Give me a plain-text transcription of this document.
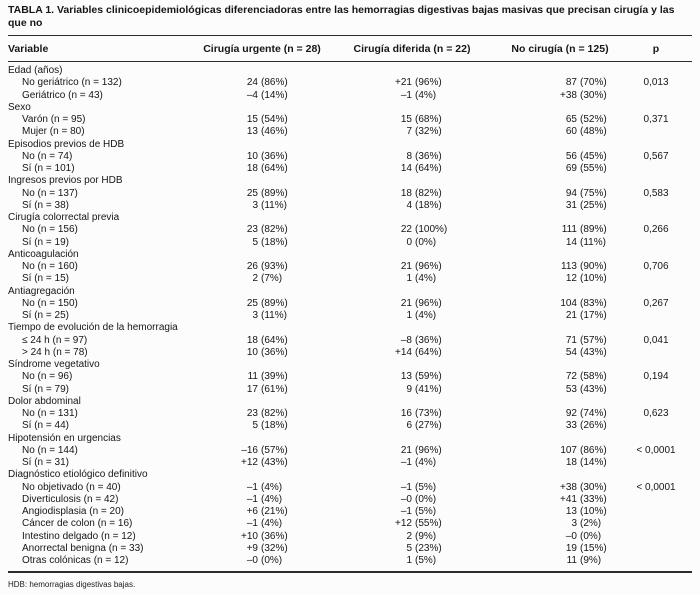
TABLA 1. Variables clinicoepidemiológicas diferenciadoras entre las hemorragias digestivas bajas masivas que precisan cirugía y las que no
Variable	Cirugía urgente (n = 28)	Cirugía diferida (n = 22)	No cirugía (n = 125)	p
Edad (años)				
No geriátrico (n = 132)	24 (86%)	+21 (96%)	87 (70%)	0,013
Geriátrico (n = 43)	–4 (14%)	–1 (4%)	+38 (30%)	

Sexo				
Varón (n = 95)	15 (54%)	15 (68%)	65 (52%)	0,371
Mujer (n = 80)	13 (46%)	7 (32%)	60 (48%)	

Episodios previos de HDB				
No (n = 74)	10 (36%)	8 (36%)	56 (45%)	0,567
Sí (n = 101)	18 (64%)	14 (64%)	69 (55%)	

Ingresos previos por HDB				
No (n = 137)	25 (89%)	18 (82%)	94 (75%)	0,583
Sí (n = 38)	3 (11%)	4 (18%)	31 (25%)	

Cirugía colorrectal previa				
No (n = 156)	23 (82%)	22 (100%)	111 (89%)	0,266
Sí (n = 19)	5 (18%)	0 (0%)	14 (11%)	

Anticoagulación				
No (n = 160)	26 (93%)	21 (96%)	113 (90%)	0,706
Sí (n = 15)	2 (7%)	1 (4%)	12 (10%)	

Antiagregación				
No (n = 150)	25 (89%)	21 (96%)	104 (83%)	0,267
Sí (n = 25)	3 (11%)	1 (4%)	21 (17%)	

Tiempo de evolución de la hemorragia				
≤ 24 h (n = 97)	18 (64%)	–8 (36%)	71 (57%)	0,041
> 24 h (n = 78)	10 (36%)	+14 (64%)	54 (43%)	

Síndrome vegetativo				
No (n = 96)	11 (39%)	13 (59%)	72 (58%)	0,194
Sí (n = 79)	17 (61%)	9 (41%)	53 (43%)	

Dolor abdominal				
No (n = 131)	23 (82%)	16 (73%)	92 (74%)	0,623
Sí (n = 44)	5 (18%)	6 (27%)	33 (26%)	

Hipotensión en urgencias				
No (n = 144)	–16 (57%)	21 (96%)	107 (86%)	< 0,0001
Sí (n = 31)	+12 (43%)	–1 (4%)	18 (14%)	

Diagnóstico etiológico definitivo				
No objetivado (n = 40)	–1 (4%)	–1 (5%)	+38 (30%)	< 0,0001
Diverticulosis (n = 42)	–1 (4%)	–0 (0%)	+41 (33%)	

Angiodisplasia (n = 20)	+6 (21%)	–1 (5%)	13 (10%)	

Cáncer de colon (n = 16)	–1 (4%)	+12 (55%)	3 (2%)	

Intestino delgado (n = 12)	+10 (36%)	2 (9%)	–0 (0%)	

Anorrectal benigna (n = 33)	+9 (32%)	5 (23%)	19 (15%)	

Otras colónicas (n = 12)	–0 (0%)	1 (5%)	11 (9%)	

HDB: hemorragias digestivas bajas.
